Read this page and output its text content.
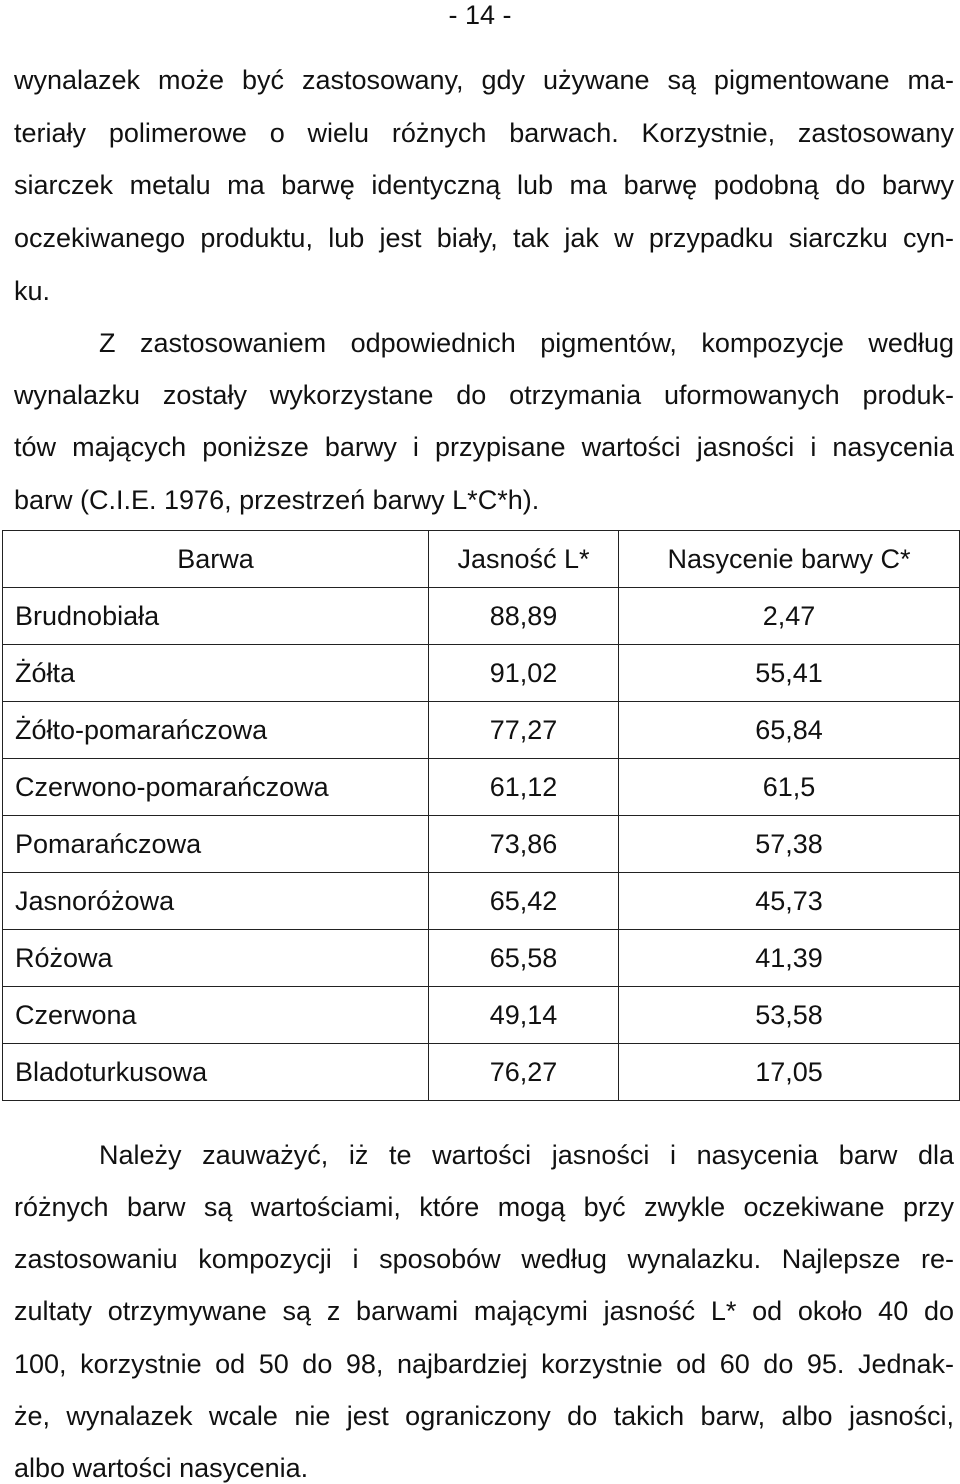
- 14 -
wynalazek może być zastosowany, gdy używane są pigmentowane ma-
teriały polimerowe o wielu różnych barwach. Korzystnie, zastosowany
siarczek metalu ma barwę identyczną lub ma barwę podobną do barwy
oczekiwanego produktu, lub jest biały, tak jak w przypadku siarczku cyn-
ku.
Z zastosowaniem odpowiednich pigmentów, kompozycje według
wynalazku zostały wykorzystane do otrzymania uformowanych produk-
tów mających poniższe barwy i przypisane wartości jasności i nasycenia
barw (C.I.E. 1976, przestrzeń barwy L*C*h).
Barwa	Jasność L*	Nasycenie barwy C*
Brudnobiała	88,89	2,47
Żółta	91,02	55,41
Żółto-pomarańczowa	77,27	65,84
Czerwono-pomarańczowa	61,12	61,5
Pomarańczowa	73,86	57,38
Jasnoróżowa	65,42	45,73
Różowa	65,58	41,39
Czerwona	49,14	53,58
Bladoturkusowa	76,27	17,05
Należy zauważyć, iż te wartości jasności i nasycenia barw dla
różnych barw są wartościami, które mogą być zwykle oczekiwane przy
zastosowaniu kompozycji i sposobów według wynalazku. Najlepsze re-
zultaty otrzymywane są z barwami mającymi jasność L* od około 40 do
100, korzystnie od 50 do 98, najbardziej korzystnie od 60 do 95. Jednak-
że, wynalazek wcale nie jest ograniczony do takich barw, albo jasności,
albo wartości nasycenia.
